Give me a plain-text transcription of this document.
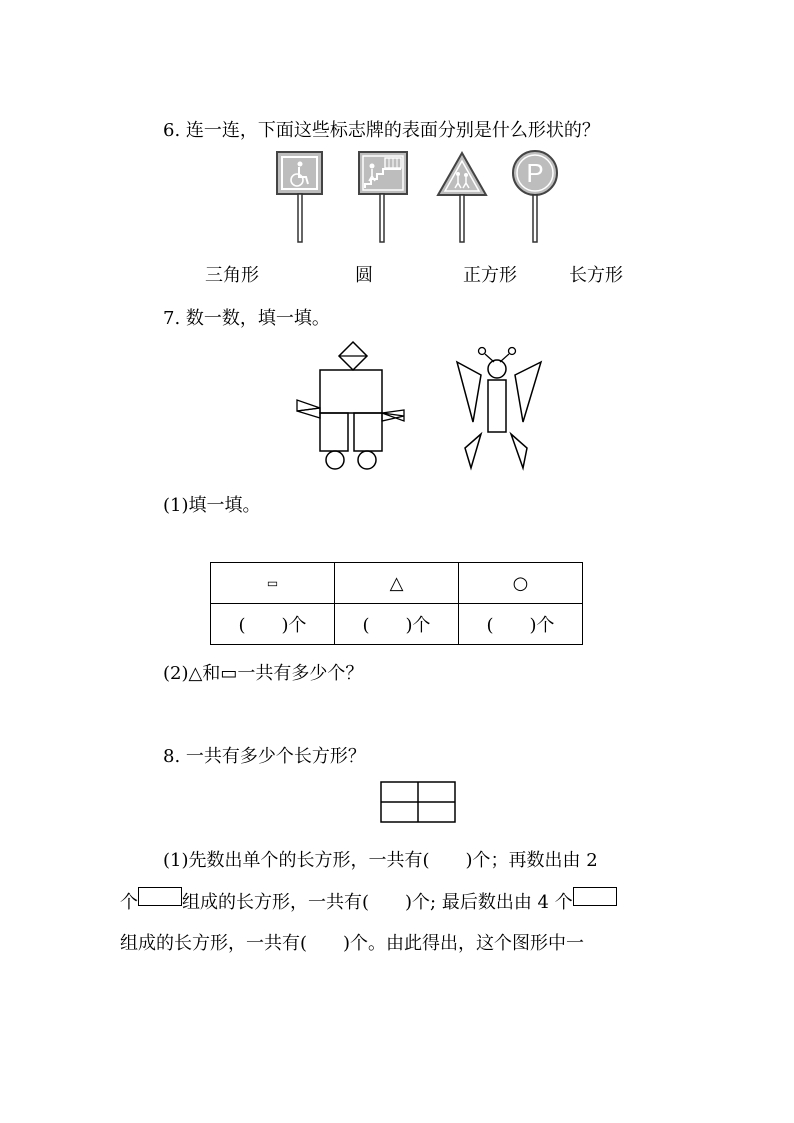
6. 连一连，下面这些标志牌的表面分别是什么形状的？
P
三角形	圆	正方形	长方形
7. 数一数，填一填。
(1)填一填。
▭	△	○
(　　)个	(　　)个	(　　)个
(2)△和▭一共有多少个？
8. 一共有多少个长方形？
(1)先数出单个的长方形，一共有(　　)个；再数出由 2
个 组成的长方形，一共有(　　)个; 最后数出由 4 个
组成的长方形，一共有(　　)个。由此得出，这个图形中一
